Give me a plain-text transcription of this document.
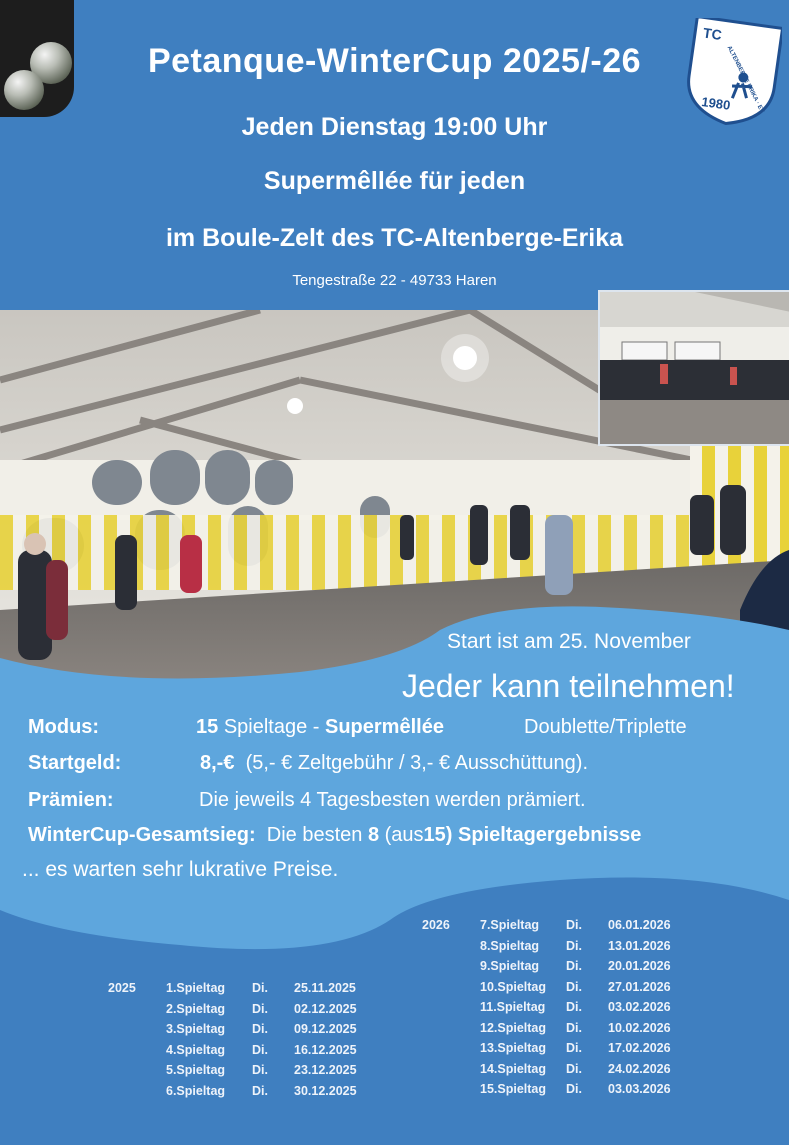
Petanque-WinterCup 2025/-26
Jeden Dienstag 19:00 Uhr
Supermêllée für jeden
im Boule-Zelt des TC-Altenberge-Erika
Tengestraße 22 - 49733 Haren
TC
ALTENBERGE ERIKA · EV
1980
Start ist am 25. November
Jeder kann teilnehmen!
Modus:	15 Spieltage - Supermêllée	Doublette/Triplette
Startgeld:	8,-€ (5,- € Zeltgebühr / 3,- € Ausschüttung).
Prämien:	Die jeweils 4 Tagesbesten werden prämiert.
WinterCup-Gesamtsieg: Die besten 8 (aus15) Spieltagergebnisse
... es warten sehr lukrative Preise.
2026 7.Spieltag Di. 06.01.2026
8.Spieltag Di. 13.01.2026
9.Spieltag Di. 20.01.2026
10.Spieltag Di. 27.01.2026
11.Spieltag Di. 03.02.2026
12.Spieltag Di. 10.02.2026
13.Spieltag Di. 17.02.2026
14.Spieltag Di. 24.02.2026
15.Spieltag Di. 03.03.2026
2025 1.Spieltag Di. 25.11.2025
2.Spieltag Di. 02.12.2025
3.Spieltag Di. 09.12.2025
4.Spieltag Di. 16.12.2025
5.Spieltag Di. 23.12.2025
6.Spieltag Di. 30.12.2025
